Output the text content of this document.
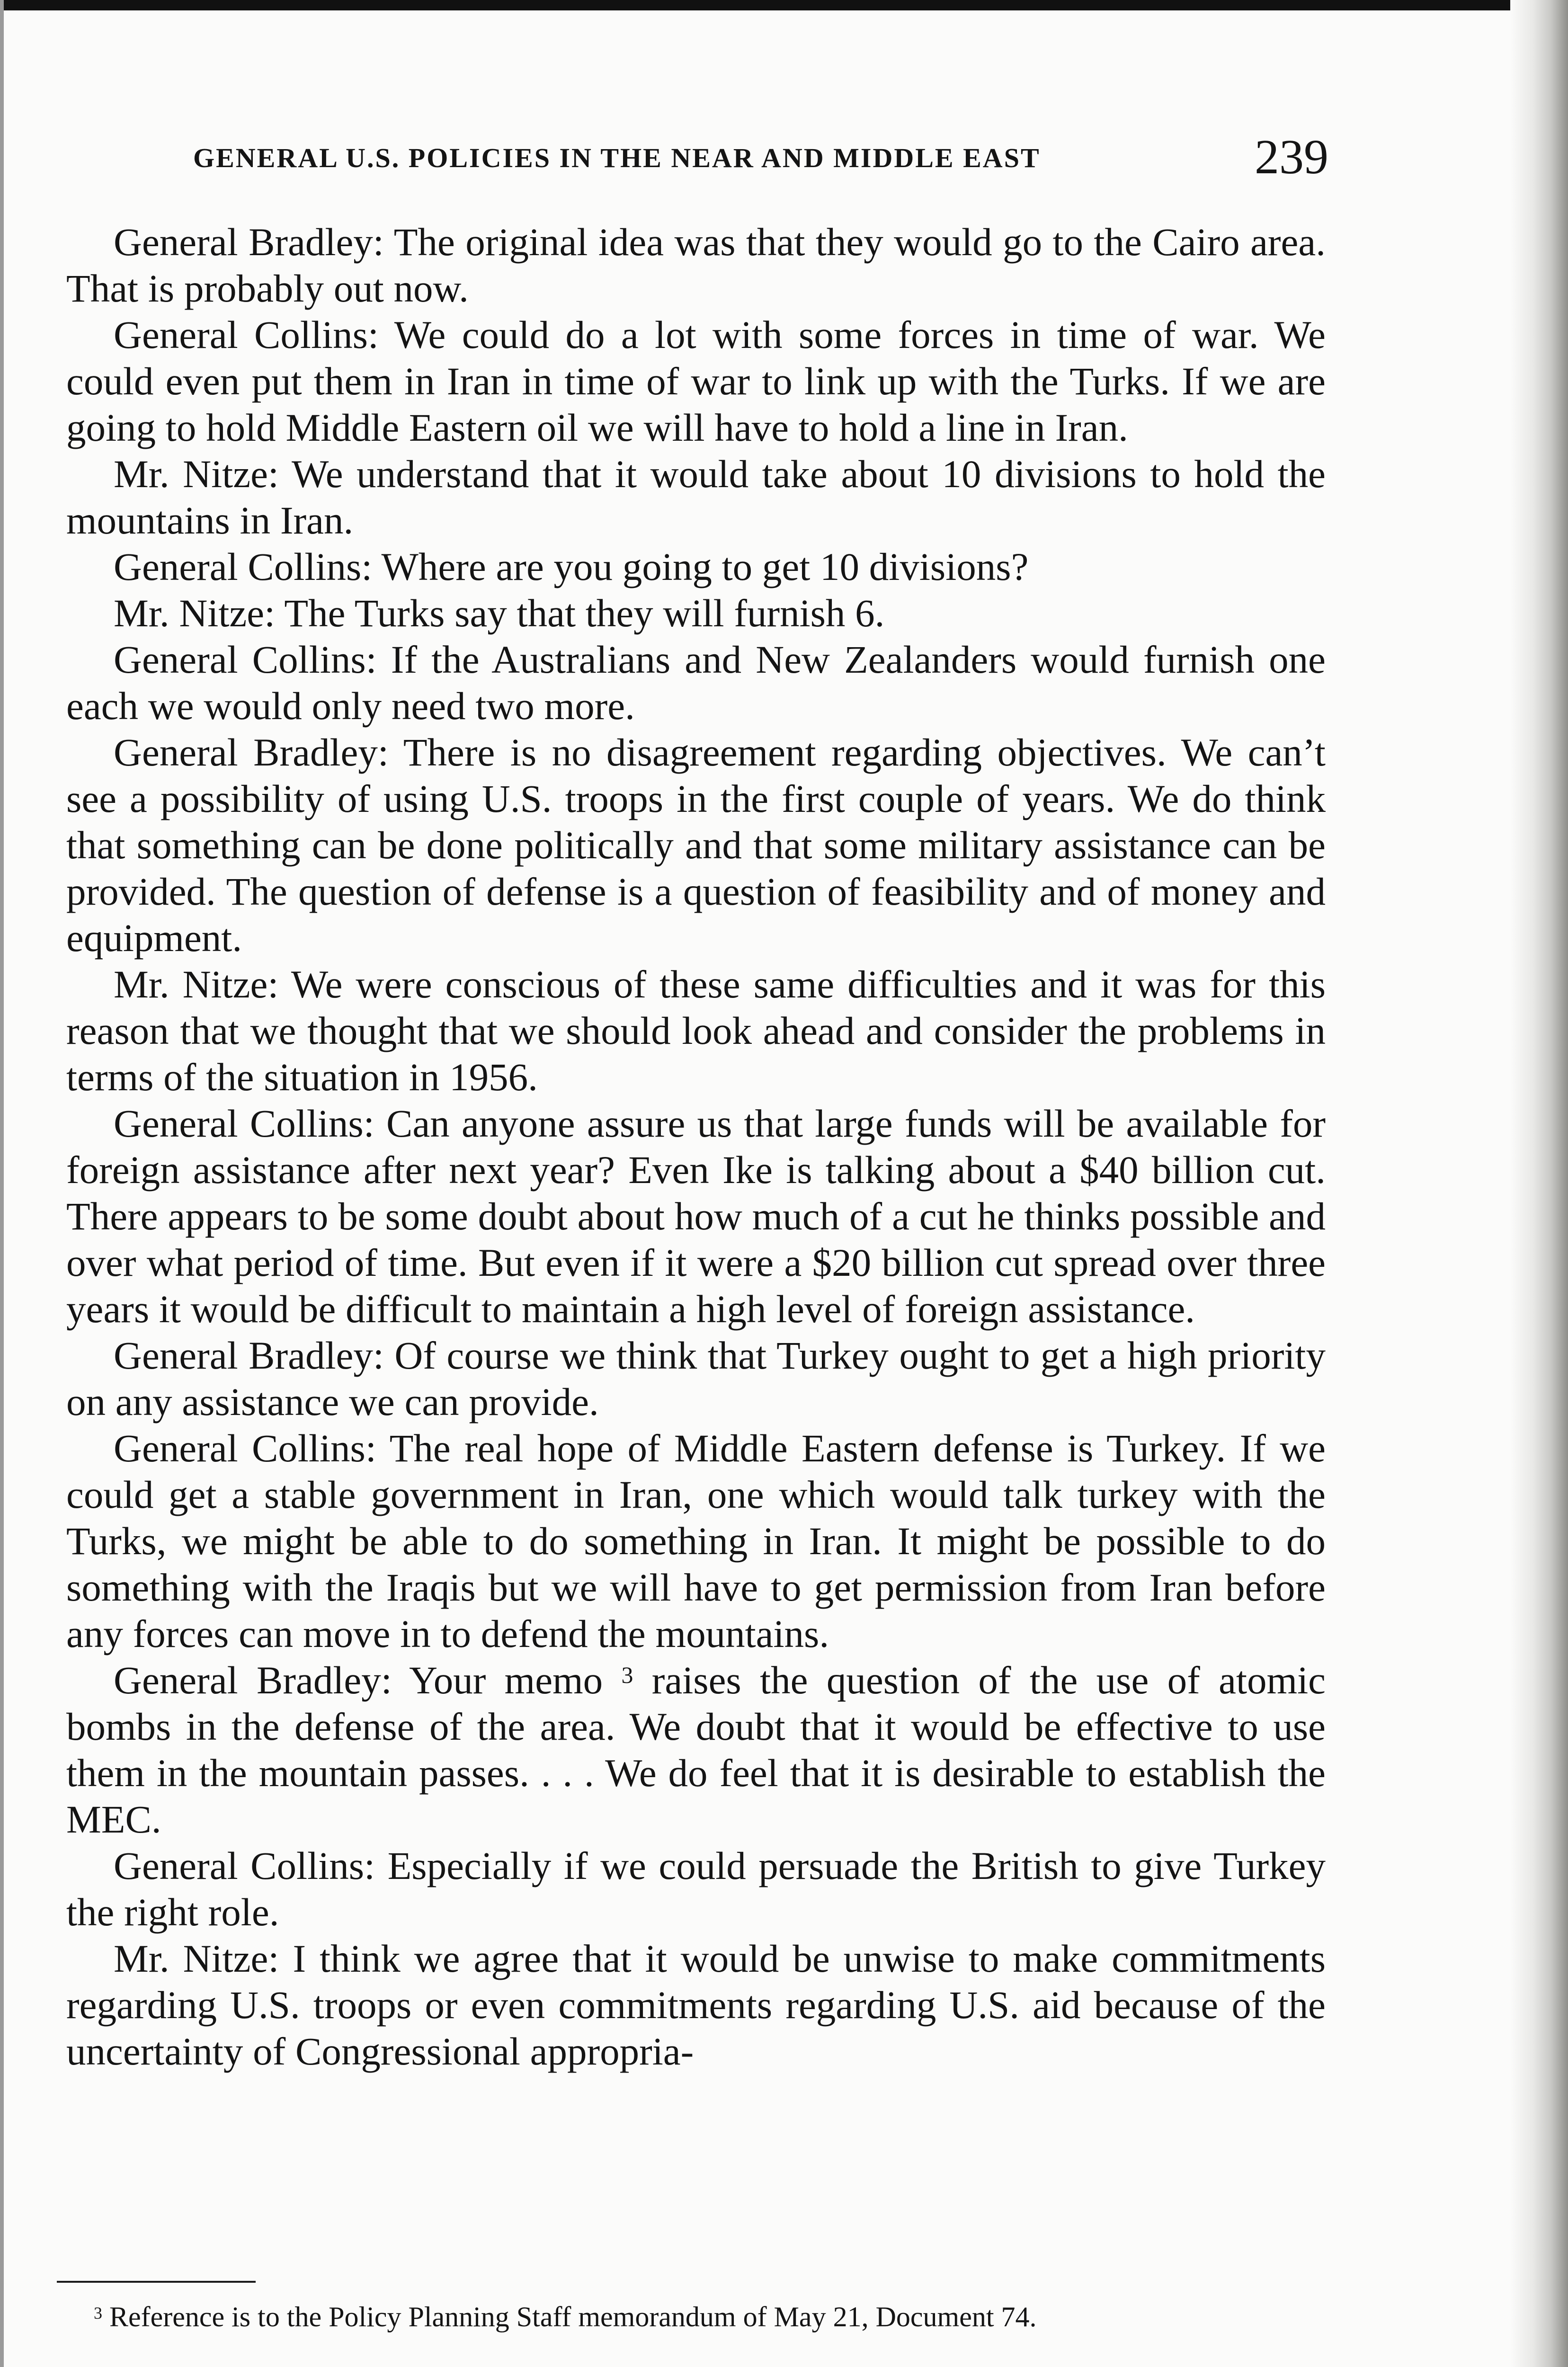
GENERAL U.S. POLICIES IN THE NEAR AND MIDDLE EAST	239

General Bradley: The original idea was that they would go to the Cairo area. That is probably out now.

General Collins: We could do a lot with some forces in time of war. We could even put them in Iran in time of war to link up with the Turks. If we are going to hold Middle Eastern oil we will have to hold a line in Iran.

Mr. Nitze: We understand that it would take about 10 divisions to hold the mountains in Iran.

General Collins: Where are you going to get 10 divisions?

Mr. Nitze: The Turks say that they will furnish 6.

General Collins: If the Australians and New Zealanders would furnish one each we would only need two more.

General Bradley: There is no disagreement regarding objectives. We can’t see a possibility of using U.S. troops in the first couple of years. We do think that something can be done politically and that some military assistance can be provided. The question of defense is a question of feasibility and of money and equipment.

Mr. Nitze: We were conscious of these same difficulties and it was for this reason that we thought that we should look ahead and consider the problems in terms of the situation in 1956.

General Collins: Can anyone assure us that large funds will be available for foreign assistance after next year? Even Ike is talking about a $40 billion cut. There appears to be some doubt about how much of a cut he thinks possible and over what period of time. But even if it were a $20 billion cut spread over three years it would be difficult to maintain a high level of foreign assistance.

General Bradley: Of course we think that Turkey ought to get a high priority on any assistance we can provide.

General Collins: The real hope of Middle Eastern defense is Turkey. If we could get a stable government in Iran, one which would talk turkey with the Turks, we might be able to do something in Iran. It might be possible to do something with the Iraqis but we will have to get permission from Iran before any forces can move in to defend the mountains.

General Bradley: Your memo $^3$ raises the question of the use of atomic bombs in the defense of the area. We doubt that it would be effective to use them in the mountain passes. . . . We do feel that it is desirable to establish the MEC.

General Collins: Especially if we could persuade the British to give Turkey the right role.

Mr. Nitze: I think we agree that it would be unwise to make commitments regarding U.S. troops or even commitments regarding U.S. aid because of the uncertainty of Congressional appropria-

$^3$ Reference is to the Policy Planning Staff memorandum of May 21, Document 74.
